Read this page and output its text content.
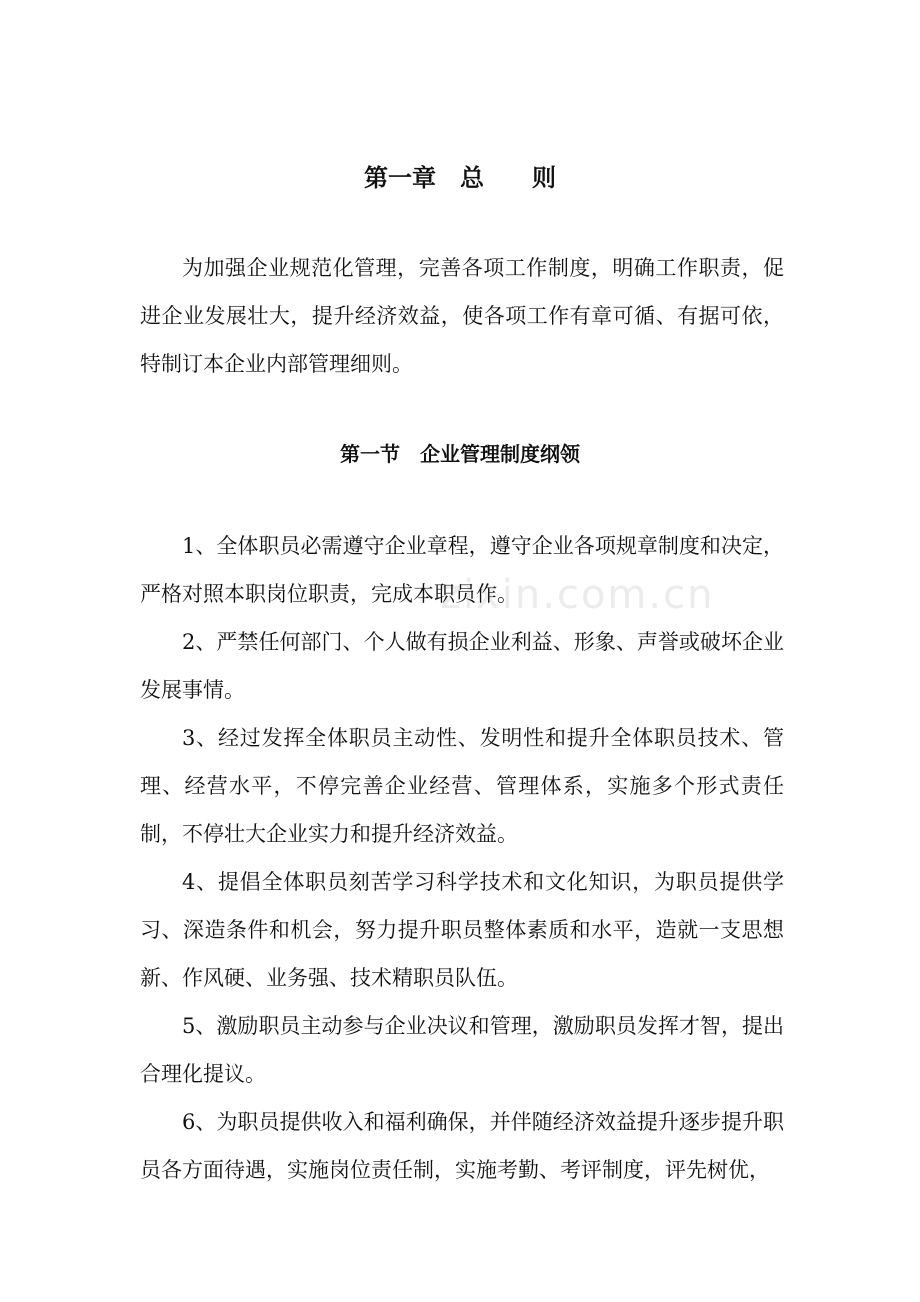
zixin.com.cn
第一章　总　　则

为加强企业规范化管理，完善各项工作制度，明确工作职责，促进企业发展壮大，提升经济效益，使各项工作有章可循、有据可依，特制订本企业内部管理细则。

第一节　企业管理制度纲领

1、全体职员必需遵守企业章程，遵守企业各项规章制度和决定，严格对照本职岗位职责，完成本职员作。

2、严禁任何部门、个人做有损企业利益、形象、声誉或破坏企业发展事情。

3、经过发挥全体职员主动性、发明性和提升全体职员技术、管理、经营水平，不停完善企业经营、管理体系，实施多个形式责任制，不停壮大企业实力和提升经济效益。

4、提倡全体职员刻苦学习科学技术和文化知识，为职员提供学习、深造条件和机会，努力提升职员整体素质和水平，造就一支思想新、作风硬、业务强、技术精职员队伍。

5、激励职员主动参与企业决议和管理，激励职员发挥才智，提出合理化提议。

6、为职员提供收入和福利确保，并伴随经济效益提升逐步提升职员各方面待遇，实施岗位责任制，实施考勤、考评制度，评先树优，
